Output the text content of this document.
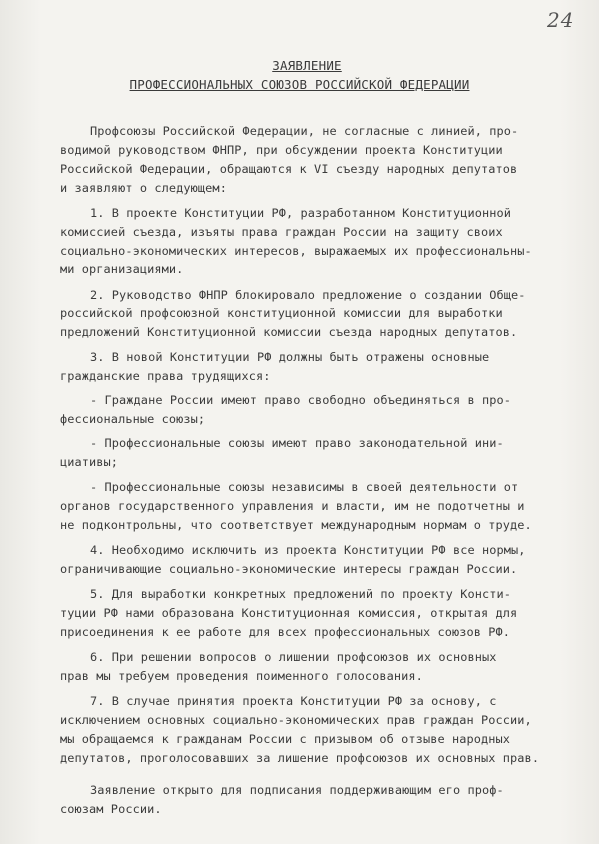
24
ЗАЯВЛЕНИЕ
ПРОФЕССИОНАЛЬНЫХ СОЮЗОВ РОССИЙСКОЙ ФЕДЕРАЦИИ
Профсоюзы Российской Федерации, не согласные с линией, про-
водимой руководством ФНПР, при обсуждении проекта Конституции
Российской Федерации, обращаются к VI съезду народных депутатов
и заявляют о следующем:
1. В проекте Конституции РФ, разработанном Конституционной
комиссией съезда, изъяты права граждан России на защиту своих
социально-экономических интересов, выражаемых их профессиональны-
ми организациями.
2. Руководство ФНПР блокировало предложение о создании Обще-
российской профсоюзной конституционной комиссии для выработки
предложений Конституционной комиссии съезда народных депутатов.
3. В новой Конституции РФ должны быть отражены основные
гражданские права трудящихся:
- Граждане России имеют право свободно объединяться в про-
фессиональные союзы;
- Профессиональные союзы имеют право законодательной ини-
циативы;
- Профессиональные союзы независимы в своей деятельности от
органов государственного управления и власти, им не подотчетны и
не подконтрольны, что соответствует международным нормам о труде.
4. Необходимо исключить из проекта Конституции РФ все нормы,
ограничивающие социально-экономические интересы граждан России.
5. Для выработки конкретных предложений по проекту Консти-
туции РФ нами образована Конституционная комиссия, открытая для
присоединения к ее работе для всех профессиональных союзов РФ.
6. При решении вопросов о лишении профсоюзов их основных
прав мы требуем проведения поименного голосования.
7. В случае принятия проекта Конституции РФ за основу, с
исключением основных социально-экономических прав граждан России,
мы обращаемся к гражданам России с призывом об отзыве народных
депутатов, проголосовавших за лишение профсоюзов их основных прав.
Заявление открыто для подписания поддерживающим его проф-
союзам России.
